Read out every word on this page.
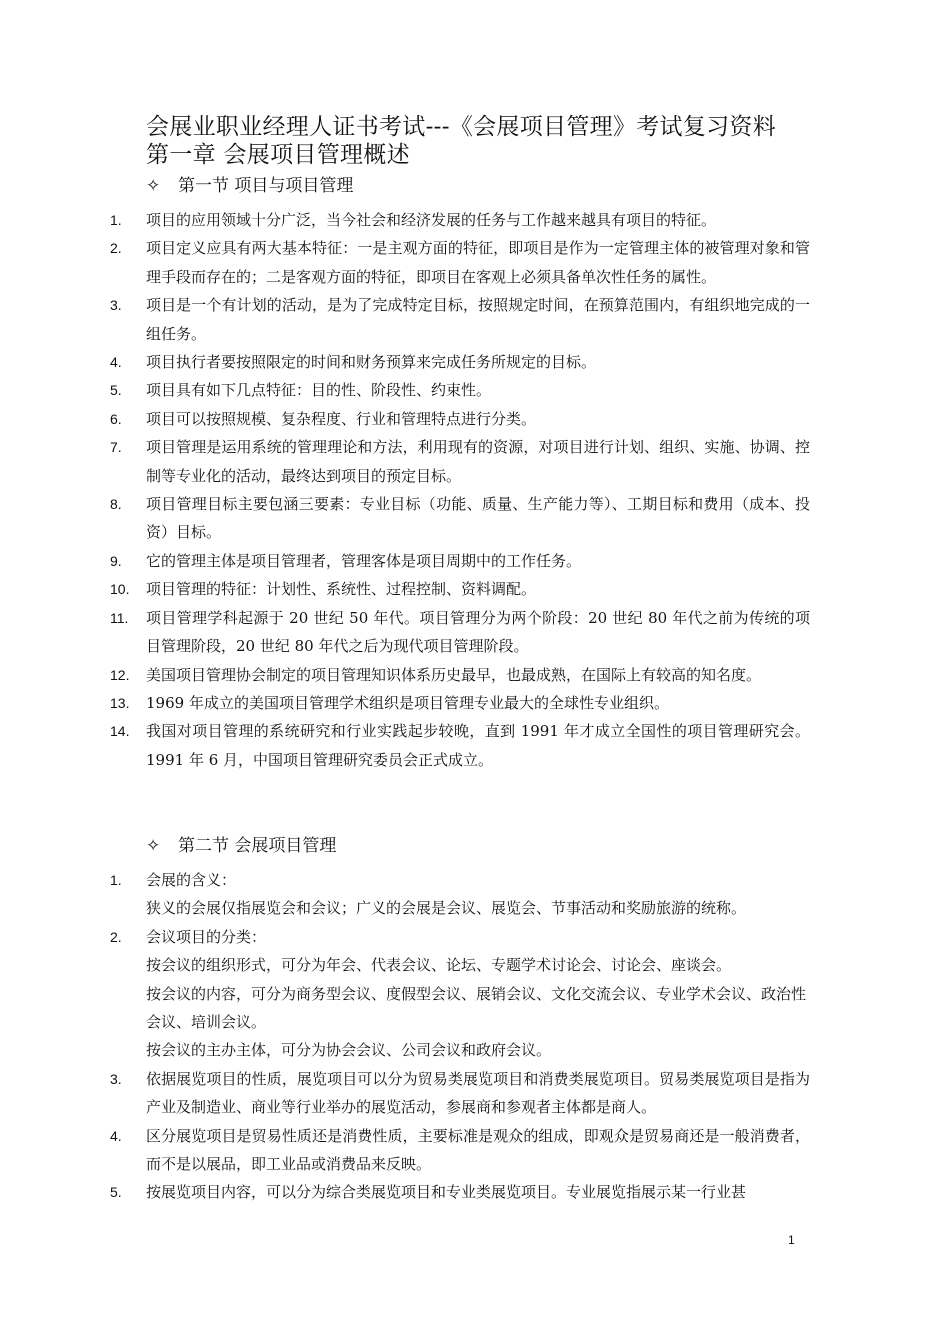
会展业职业经理人证书考试---《会展项目管理》考试复习资料
第一章 会展项目管理概述
✧ 第一节 项目与项目管理
1.	项目的应用领域十分广泛，当今社会和经济发展的任务与工作越来越具有项目的特征。
2.	项目定义应具有两大基本特征：一是主观方面的特征，即项目是作为一定管理主体的被管理对象和管理手段而存在的；二是客观方面的特征，即项目在客观上必须具备单次性任务的属性。
3.	项目是一个有计划的活动，是为了完成特定目标，按照规定时间，在预算范围内，有组织地完成的一组任务。
4.	项目执行者要按照限定的时间和财务预算来完成任务所规定的目标。
5.	项目具有如下几点特征：目的性、阶段性、约束性。
6.	项目可以按照规模、复杂程度、行业和管理特点进行分类。
7.	项目管理是运用系统的管理理论和方法，利用现有的资源，对项目进行计划、组织、实施、协调、控制等专业化的活动，最终达到项目的预定目标。
8.	项目管理目标主要包涵三要素：专业目标（功能、质量、生产能力等）、工期目标和费用（成本、投资）目标。
9.	它的管理主体是项目管理者，管理客体是项目周期中的工作任务。
10.	项目管理的特征：计划性、系统性、过程控制、资料调配。
11.	项目管理学科起源于 20 世纪 50 年代。项目管理分为两个阶段：20 世纪 80 年代之前为传统的项目管理阶段，20 世纪 80 年代之后为现代项目管理阶段。
12.	美国项目管理协会制定的项目管理知识体系历史最早，也最成熟，在国际上有较高的知名度。
13.	1969 年成立的美国项目管理学术组织是项目管理专业最大的全球性专业组织。
14.	我国对项目管理的系统研究和行业实践起步较晚，直到 1991 年才成立全国性的项目管理研究会。1991 年 6 月，中国项目管理研究委员会正式成立。
✧ 第二节 会展项目管理
1.	会展的含义：
狭义的会展仅指展览会和会议；广义的会展是会议、展览会、节事活动和奖励旅游的统称。
2.	会议项目的分类：
按会议的组织形式，可分为年会、代表会议、论坛、专题学术讨论会、讨论会、座谈会。
按会议的内容，可分为商务型会议、度假型会议、展销会议、文化交流会议、专业学术会议、政治性会议、培训会议。
按会议的主办主体，可分为协会会议、公司会议和政府会议。
3.	依据展览项目的性质，展览项目可以分为贸易类展览项目和消费类展览项目。贸易类展览项目是指为产业及制造业、商业等行业举办的展览活动，参展商和参观者主体都是商人。
4.	区分展览项目是贸易性质还是消费性质，主要标准是观众的组成，即观众是贸易商还是一般消费者，而不是以展品，即工业品或消费品来反映。
5.	按展览项目内容，可以分为综合类展览项目和专业类展览项目。专业展览指展示某一行业甚
1
